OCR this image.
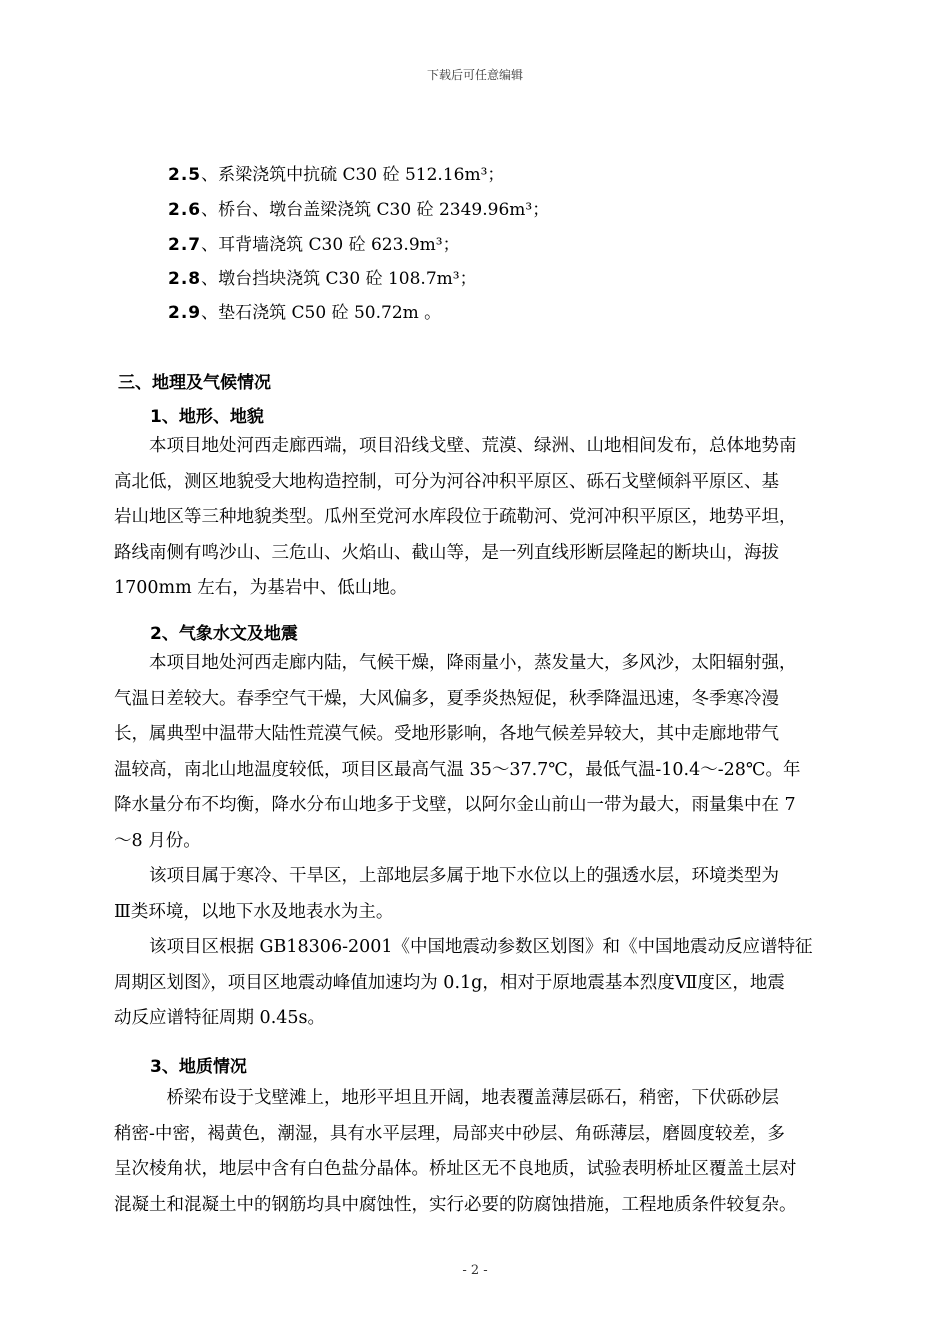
下载后可任意编辑
2.5、系梁浇筑中抗硫 C30 砼 512.16m³；
2.6、桥台、墩台盖梁浇筑 C30 砼 2349.96m³；
2.7、耳背墙浇筑 C30 砼 623.9m³；
2.8、墩台挡块浇筑 C30 砼 108.7m³；
2.9、垫石浇筑 C50 砼 50.72m 。
三、地理及气候情况
1、地形、地貌
　　本项目地处河西走廊西端，项目沿线戈壁、荒漠、绿洲、山地相间发布，总体地势南
高北低，测区地貌受大地构造控制，可分为河谷冲积平原区、砾石戈壁倾斜平原区、基
岩山地区等三种地貌类型。瓜州至党河水库段位于疏勒河、党河冲积平原区，地势平坦，
路线南侧有鸣沙山、三危山、火焰山、截山等，是一列直线形断层隆起的断块山，海拔
1700mm 左右，为基岩中、低山地。
2、气象水文及地震
　　本项目地处河西走廊内陆，气候干燥，降雨量小，蒸发量大，多风沙，太阳辐射强，
气温日差较大。春季空气干燥，大风偏多，夏季炎热短促，秋季降温迅速，冬季寒冷漫
长，属典型中温带大陆性荒漠气候。受地形影响，各地气候差异较大，其中走廊地带气
温较高，南北山地温度较低，项目区最高气温 35～37.7℃，最低气温-10.4～-28℃。年
降水量分布不均衡，降水分布山地多于戈壁，以阿尔金山前山一带为最大，雨量集中在 7
～8 月份。
　　该项目属于寒冷、干旱区，上部地层多属于地下水位以上的强透水层，环境类型为
Ⅲ类环境，以地下水及地表水为主。
　　该项目区根据 GB18306-2001《中国地震动参数区划图》和《中国地震动反应谱特征
周期区划图》，项目区地震动峰值加速均为 0.1g，相对于原地震基本烈度Ⅶ度区，地震
动反应谱特征周期 0.45s。
3、地质情况
　　　桥梁布设于戈壁滩上，地形平坦且开阔，地表覆盖薄层砾石，稍密，下伏砾砂层
稍密-中密，褐黄色，潮湿，具有水平层理，局部夹中砂层、角砾薄层，磨圆度较差，多
呈次棱角状，地层中含有白色盐分晶体。桥址区无不良地质，试验表明桥址区覆盖土层对
混凝土和混凝土中的钢筋均具中腐蚀性，实行必要的防腐蚀措施，工程地质条件较复杂。
- 2 -
